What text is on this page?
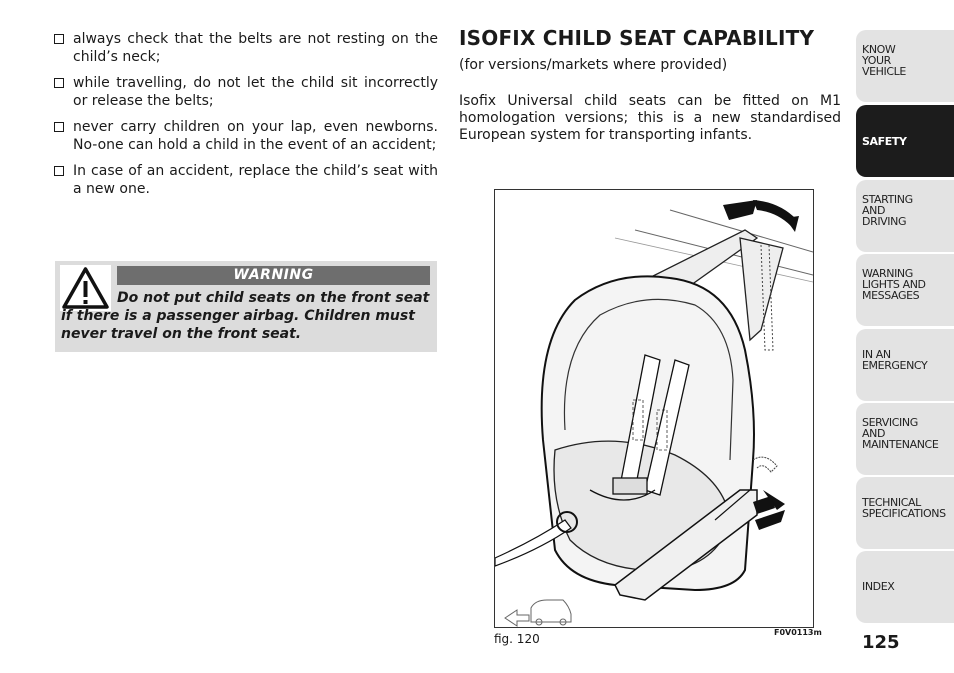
always check that the belts are not resting on the child’s neck;
while travelling, do not let the child sit incorrectly or release the belts;
never carry children on your lap, even newborns. No-one can hold a child in the event of an accident;
In case of an accident, replace the child’s seat with a new one.
WARNING
Do not put child seats on the front seat if there is a passenger airbag. Children must never travel on the front seat.
ISOFIX CHILD SEAT CAPABILITY
(for versions/markets where provided)
Isofix Universal child seats can be fitted on M1 homologation versions; this is a new standardised European system for transporting infants.
fig. 120	F0V0113m 125
KNOW
YOUR
VEHICLE
SAFETY
STARTING
AND
DRIVING
WARNING
LIGHTS AND
MESSAGES
IN AN
EMERGENCY
SERVICING
AND
MAINTENANCE
TECHNICAL
SPECIFICATIONS
INDEX
